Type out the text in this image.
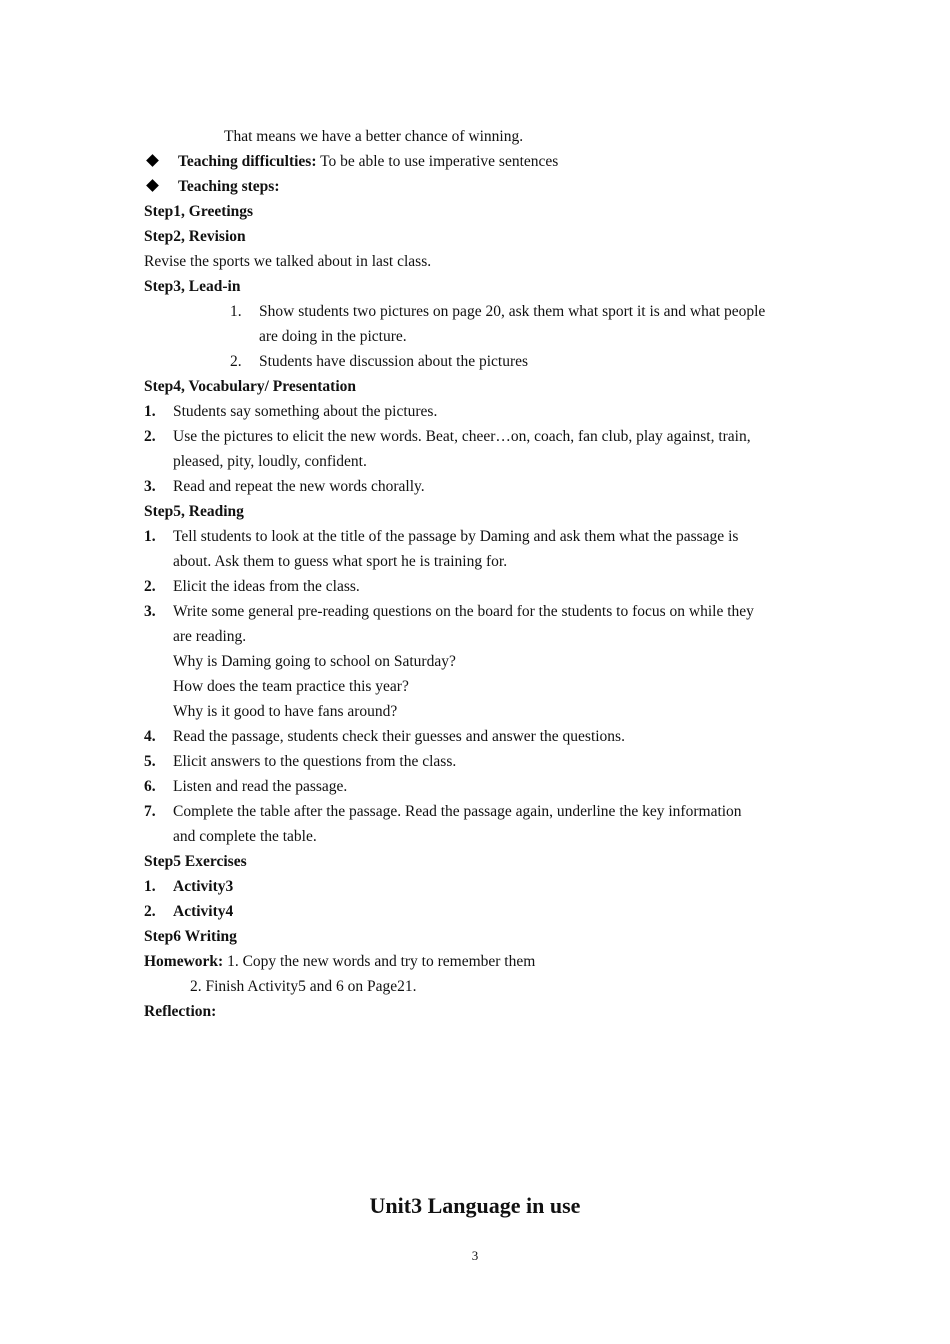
That means we have a better chance of winning.
Teaching difficulties: To be able to use imperative sentences
Teaching steps:
Step1, Greetings
Step2, Revision
Revise the sports we talked about in last class.
Step3, Lead-in
1. Show students two pictures on page 20, ask them what sport it is and what people
are doing in the picture.
2. Students have discussion about the pictures
Step4, Vocabulary/ Presentation
1. Students say something about the pictures.
2. Use the pictures to elicit the new words. Beat, cheer…on, coach, fan club, play against, train,
pleased, pity, loudly, confident.
3. Read and repeat the new words chorally.
Step5, Reading
1. Tell students to look at the title of the passage by Daming and ask them what the passage is
about. Ask them to guess what sport he is training for.
2. Elicit the ideas from the class.
3. Write some general pre-reading questions on the board for the students to focus on while they
are reading.
Why is Daming going to school on Saturday?
How does the team practice this year?
Why is it good to have fans around?
4. Read the passage, students check their guesses and answer the questions.
5. Elicit answers to the questions from the class.
6. Listen and read the passage.
7. Complete the table after the passage. Read the passage again, underline the key information
and complete the table.
Step5 Exercises
1. Activity3
2. Activity4
Step6 Writing
Homework: 1. Copy the new words and try to remember them
2. Finish Activity5 and 6 on Page21.
Reflection:
Unit3 Language in use
3
